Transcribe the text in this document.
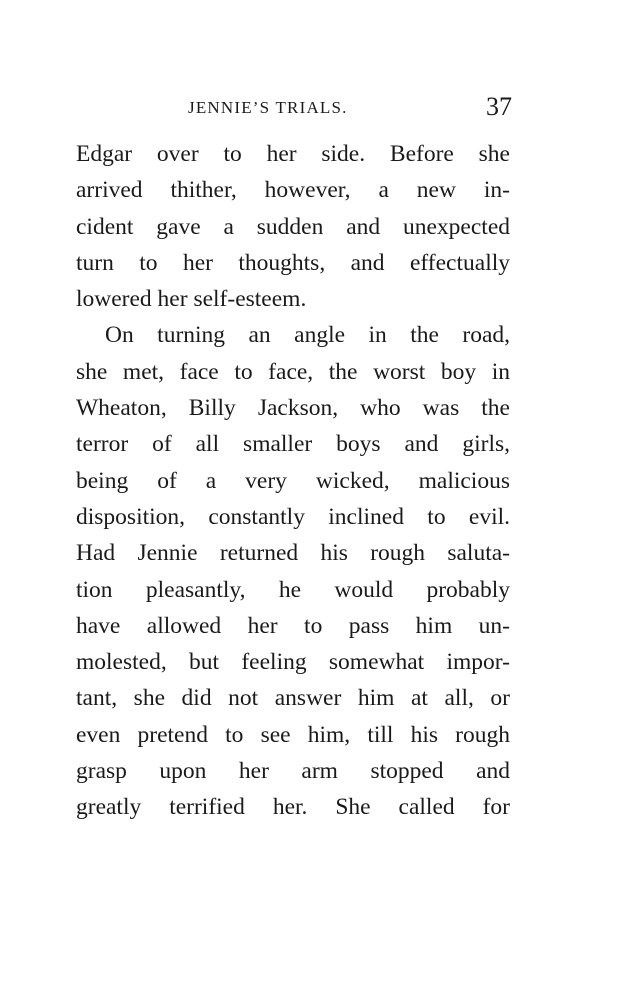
JENNIE’S TRIALS.	37
Edgar over to her side. Before she
arrived thither, however, a new in-
cident gave a sudden and unexpected
turn to her thoughts, and effectually
lowered her self-esteem.
On turning an angle in the road,
she met, face to face, the worst boy in
Wheaton, Billy Jackson, who was the
terror of all smaller boys and girls,
being of a very wicked, malicious
disposition, constantly inclined to evil.
Had Jennie returned his rough saluta-
tion pleasantly, he would probably
have allowed her to pass him un-
molested, but feeling somewhat impor-
tant, she did not answer him at all, or
even pretend to see him, till his rough
grasp upon her arm stopped and
greatly terrified her. She called for
